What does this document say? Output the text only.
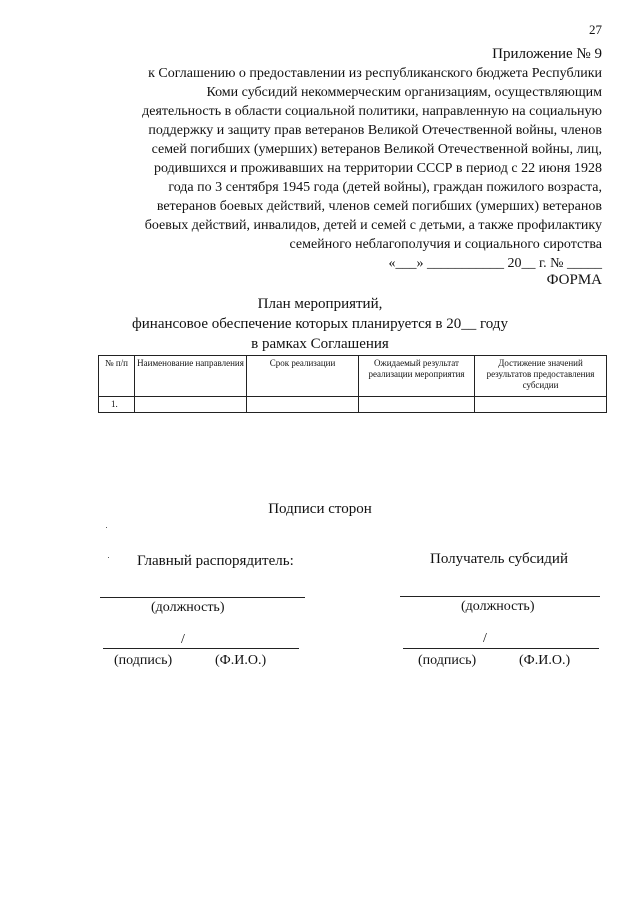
27
Приложение № 9
к Соглашению о предоставлении из республиканского бюджета Республики
Коми субсидий некоммерческим организациям, осуществляющим
деятельность в области социальной политики, направленную на социальную
поддержку и защиту прав ветеранов Великой Отечественной войны, членов
семей погибших (умерших) ветеранов Великой Отечественной войны, лиц,
родившихся и проживавших на территории СССР в период с 22 июня 1928
года по 3 сентября 1945 года (детей войны), граждан пожилого возраста,
ветеранов боевых действий, членов семей погибших (умерших) ветеранов
боевых действий, инвалидов, детей и семей с детьми, а также профилактику
семейного неблагополучия и социального сиротства
«___» ___________ 20__ г. № _____
ФОРМА
План мероприятий,
финансовое обеспечение которых планируется в 20__ году
в рамках Соглашения
№ п/п	Наименование направления	Срок реализации	Ожидаемый результат реализации мероприятия	Достижение значений результатов предоставления субсидии
1.				
Подписи сторон
Главный распорядитель:
(должность)
/
(подпись)	(Ф.И.О.)
Получатель субсидий
(должность)
/
(подпись)	(Ф.И.О.)
